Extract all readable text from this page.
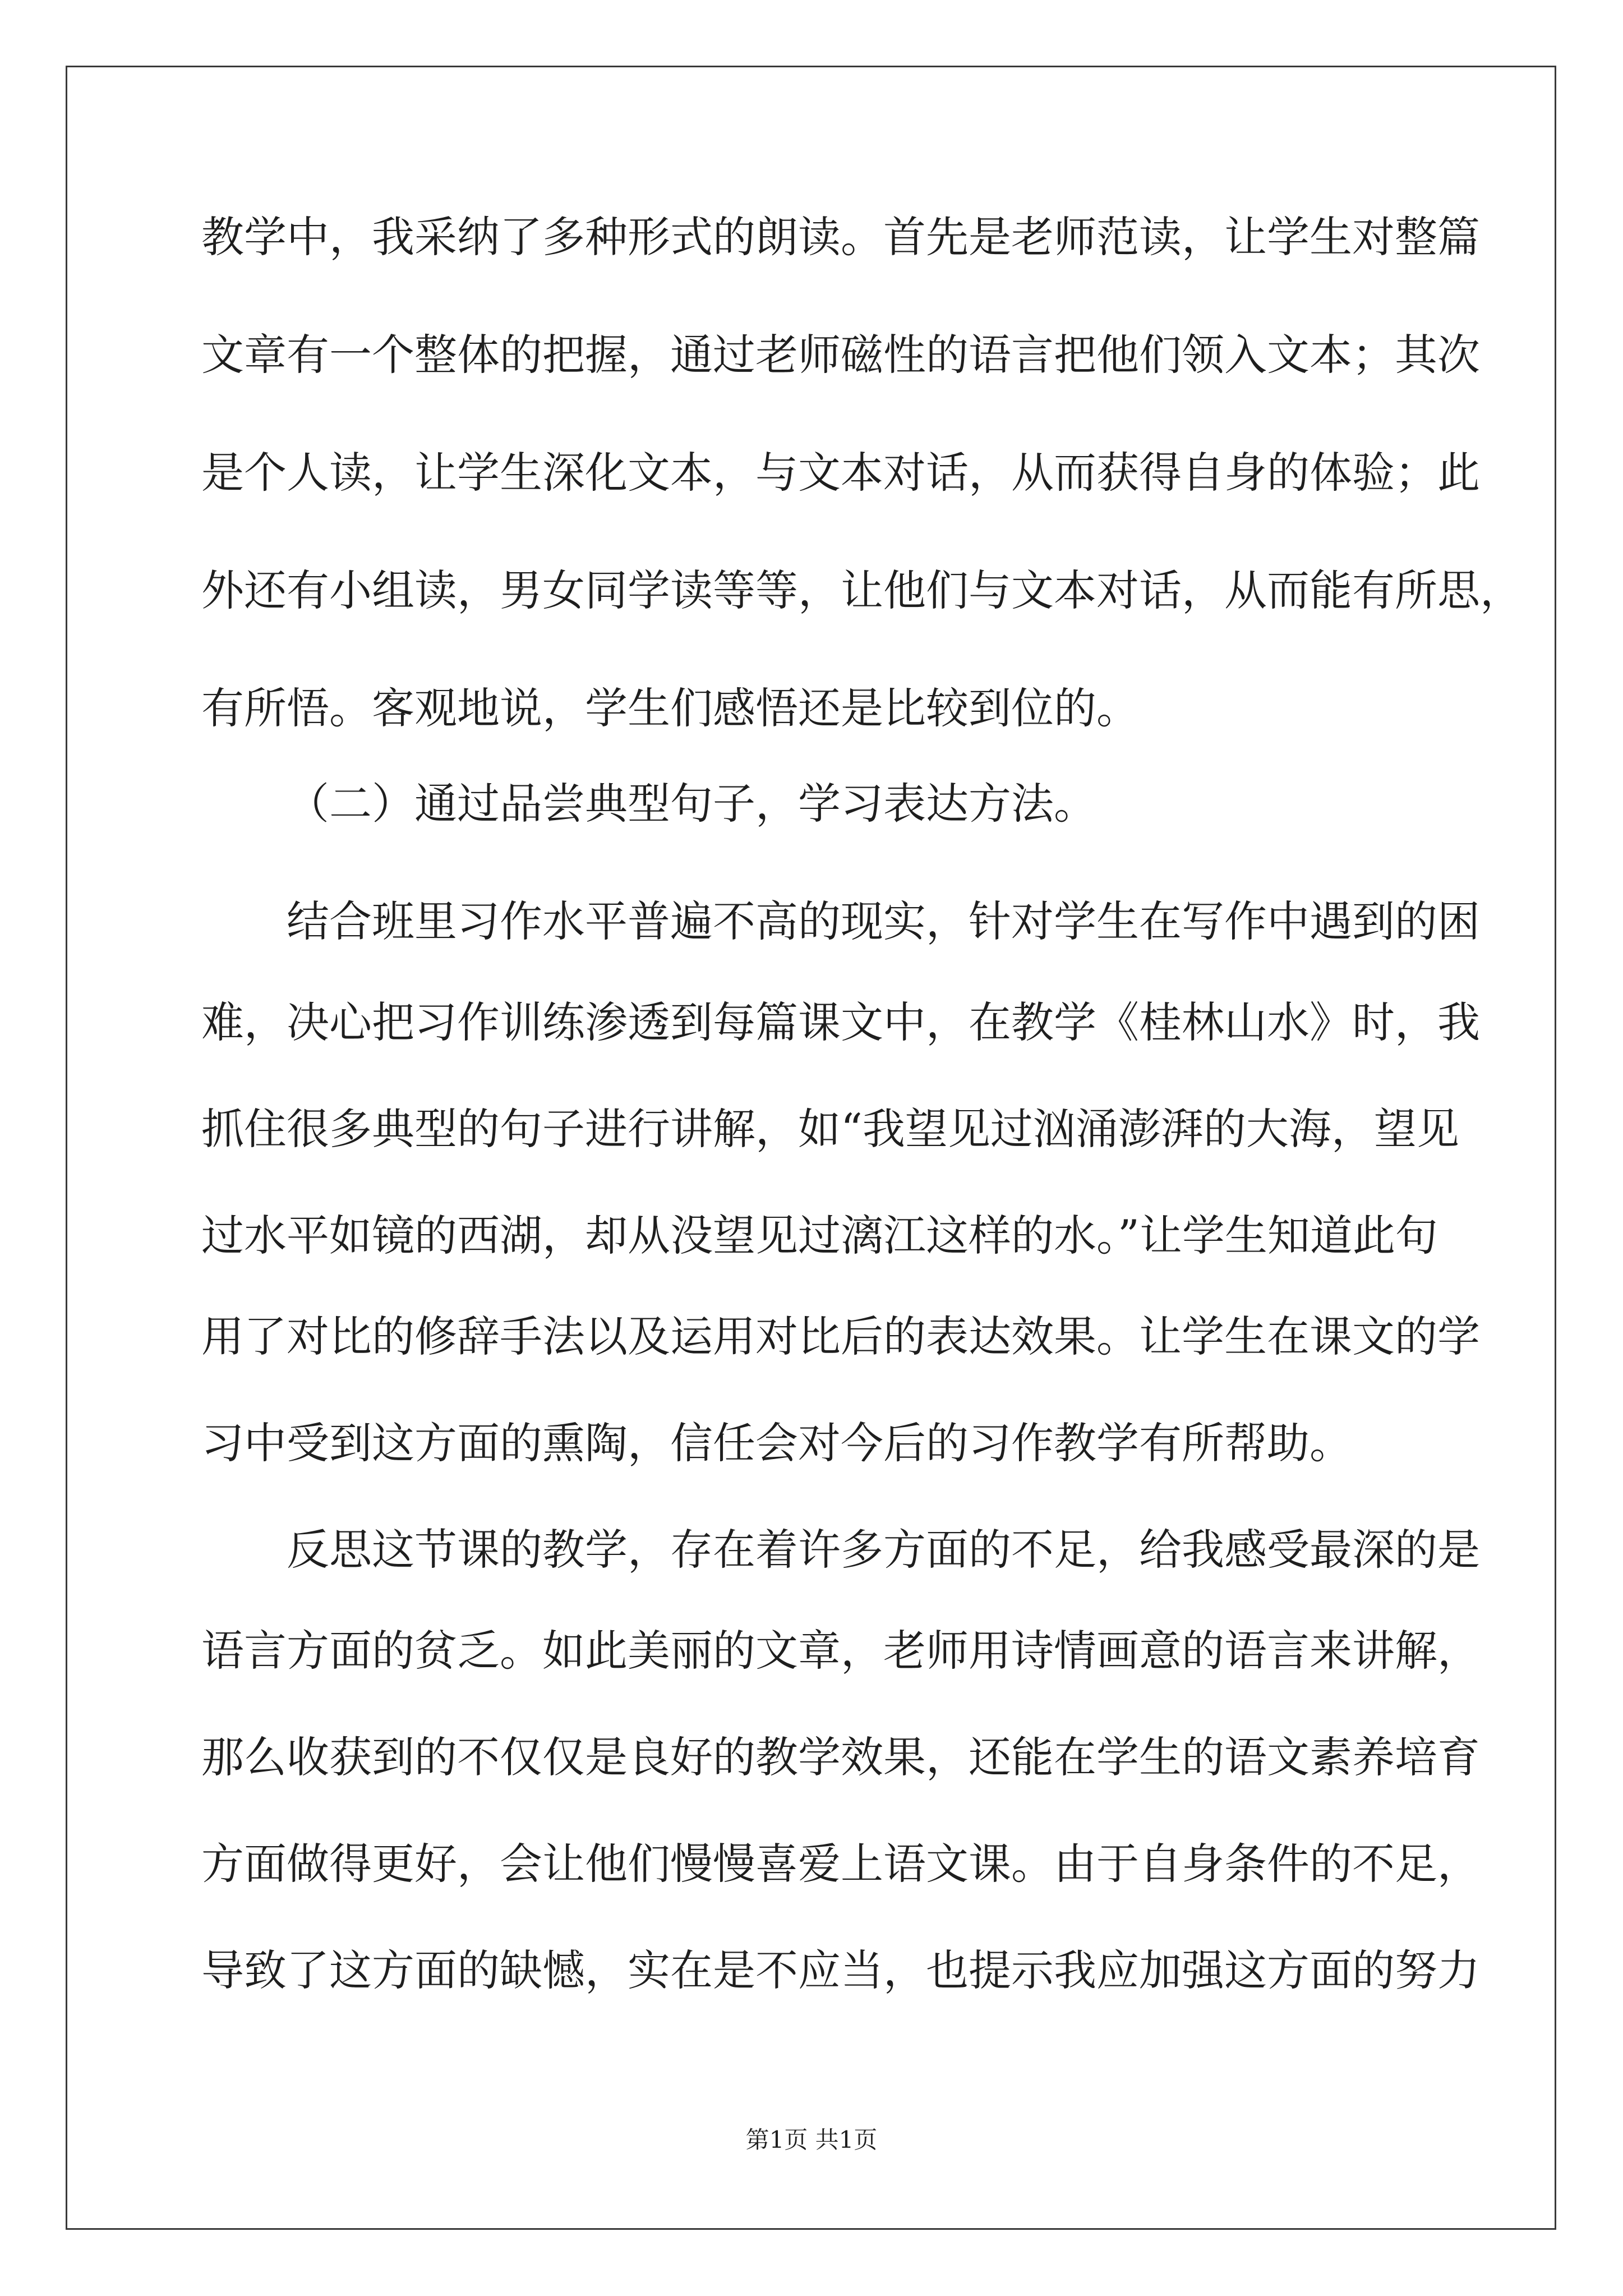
教学中，我采纳了多种形式的朗读。首先是老师范读，让学生对整篇
文章有一个整体的把握，通过老师磁性的语言把他们领入文本；其次
是个人读，让学生深化文本，与文本对话，从而获得自身的体验；此
外还有小组读，男女同学读等等，让他们与文本对话，从而能有所思，
有所悟。客观地说，学生们感悟还是比较到位的。
（二）通过品尝典型句子，学习表达方法。
结合班里习作水平普遍不高的现实，针对学生在写作中遇到的困
难，决心把习作训练渗透到每篇课文中，在教学《桂林山水》时，我
抓住很多典型的句子进行讲解，如“我望见过汹涌澎湃的大海，望见
过水平如镜的西湖，却从没望见过漓江这样的水。”让学生知道此句
用了对比的修辞手法以及运用对比后的表达效果。让学生在课文的学
习中受到这方面的熏陶，信任会对今后的习作教学有所帮助。
反思这节课的教学，存在着许多方面的不足，给我感受最深的是
语言方面的贫乏。如此美丽的文章，老师用诗情画意的语言来讲解，
那么收获到的不仅仅是良好的教学效果，还能在学生的语文素养培育
方面做得更好，会让他们慢慢喜爱上语文课。由于自身条件的不足，
导致了这方面的缺憾，实在是不应当，也提示我应加强这方面的努力
第1页 共1页
